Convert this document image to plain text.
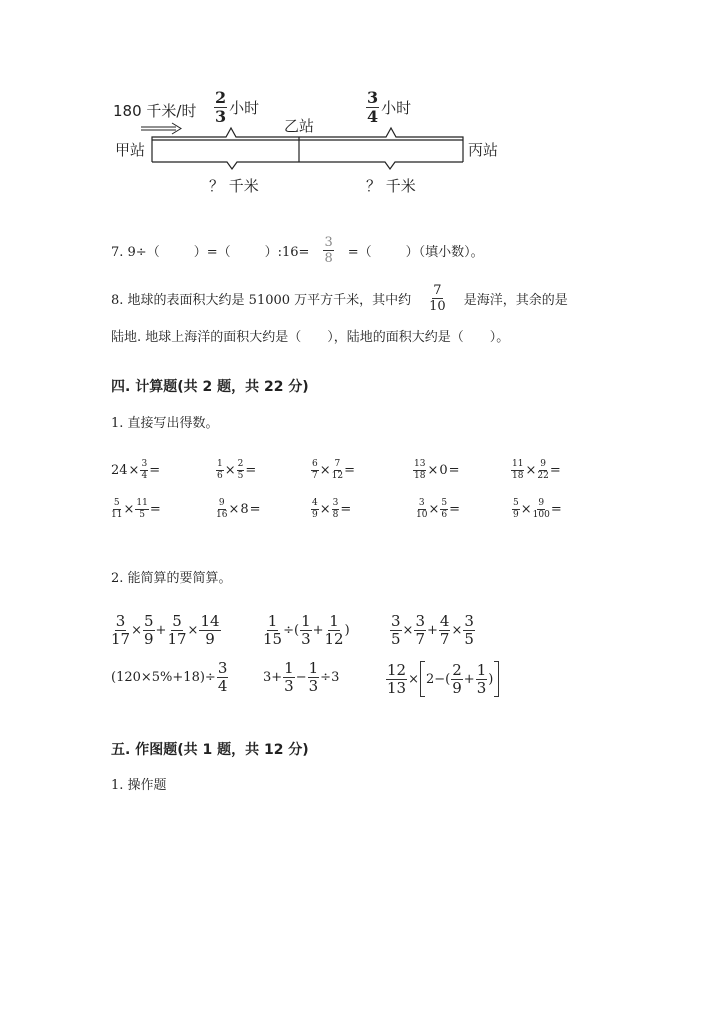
180 千米/时 $\frac{2}{3}$ 小时	$\frac{3}{4}$ 小时
甲站
乙站
丙站
？ 千米	？ 千米
7. 9÷（	）=（	）:16= $\frac{3}{8}$ =（	）（填小数）。
8. 地球的表面积大约是 51000 万平方千米，其中约 $\frac{7}{10}$ 是海洋，其余的是
陆地. 地球上海洋的面积大约是（　　），陆地的面积大约是（　　）。
四. 计算题(共 2 题，共 22 分)
1. 直接写出得数。
$24 \times \frac{3}{4}$ =	$\frac{1}{6} \times \frac{2}{5}$ =	$\frac{6}{7} \times \frac{7}{12}$ =	$\frac{13}{18} \times 0$ =	$\frac{11}{18} \times \frac{9}{22}$ =
$\frac{5}{11} \times \frac{11}{5}$ =	$\frac{9}{16} \times 8$ =	$\frac{4}{9} \times \frac{3}{8}$ =	$\frac{3}{10} \times \frac{5}{6}$ =	$\frac{5}{9} \times \frac{9}{100}$ =
2. 能简算的要简算。
$\frac{3}{17} \times \frac{5}{9} + \frac{5}{17} \times \frac{14}{9}$	$\frac{1}{15}$ ÷( $\frac{1}{3} + \frac{1}{12}$ )	$\frac{3}{5} \times \frac{3}{7} + \frac{4}{7} \times \frac{3}{5}$
$(120\times 5\%+18)\div \frac{3}{4}$	$3+ \frac{1}{3} - \frac{1}{3} \div 3$	$\frac{12}{13} \times 2-( \frac{2}{9} + \frac{1}{3}$ )
五. 作图题(共 1 题，共 12 分)
1. 操作题
